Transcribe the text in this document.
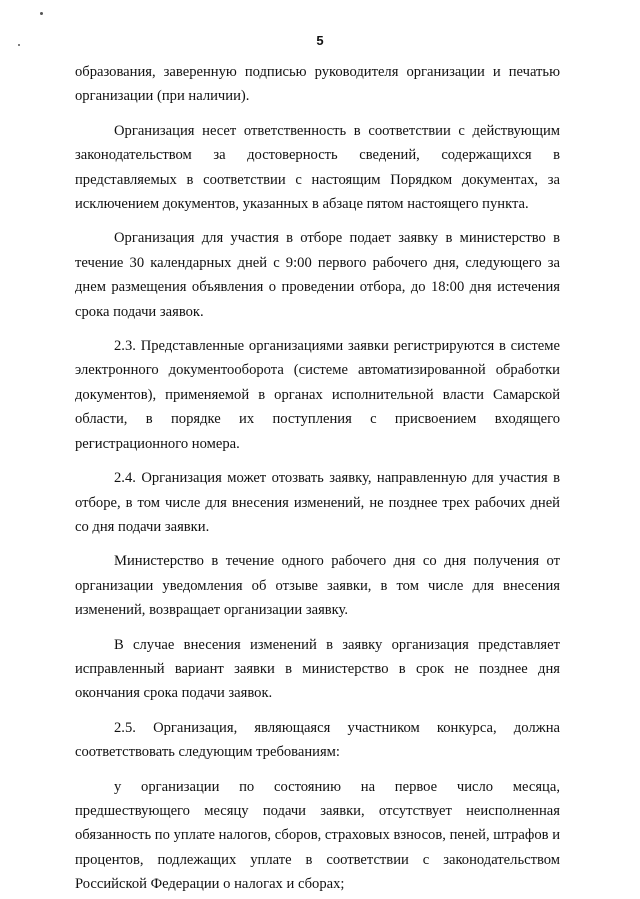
5

образования, заверенную подписью руководителя организации и печатью организации (при наличии).

Организация несет ответственность в соответствии с действующим законодательством за достоверность сведений, содержащихся в представляемых в соответствии с настоящим Порядком документах, за исключением документов, указанных в абзаце пятом настоящего пункта.

Организация для участия в отборе подает заявку в министерство в течение 30 календарных дней с 9:00 первого рабочего дня, следующего за днем размещения объявления о проведении отбора, до 18:00 дня истечения срока подачи заявок.

2.3. Представленные организациями заявки регистрируются в системе электронного документооборота (системе автоматизированной обработки документов), применяемой в органах исполнительной власти Самарской области, в порядке их поступления с присвоением входящего регистрационного номера.

2.4. Организация может отозвать заявку, направленную для участия в отборе, в том числе для внесения изменений, не позднее трех рабочих дней со дня подачи заявки.

Министерство в течение одного рабочего дня со дня получения от организации уведомления об отзыве заявки, в том числе для внесения изменений, возвращает организации заявку.

В случае внесения изменений в заявку организация представляет исправленный вариант заявки в министерство в срок не позднее дня окончания срока подачи заявок.

2.5. Организация, являющаяся участником конкурса, должна соответствовать следующим требованиям:

у организации по состоянию на первое число месяца, предшествующего месяцу подачи заявки, отсутствует неисполненная обязанность по уплате налогов, сборов, страховых взносов, пеней, штрафов и процентов, подлежащих уплате в соответствии с законодательством Российской Федерации о налогах и сборах;
